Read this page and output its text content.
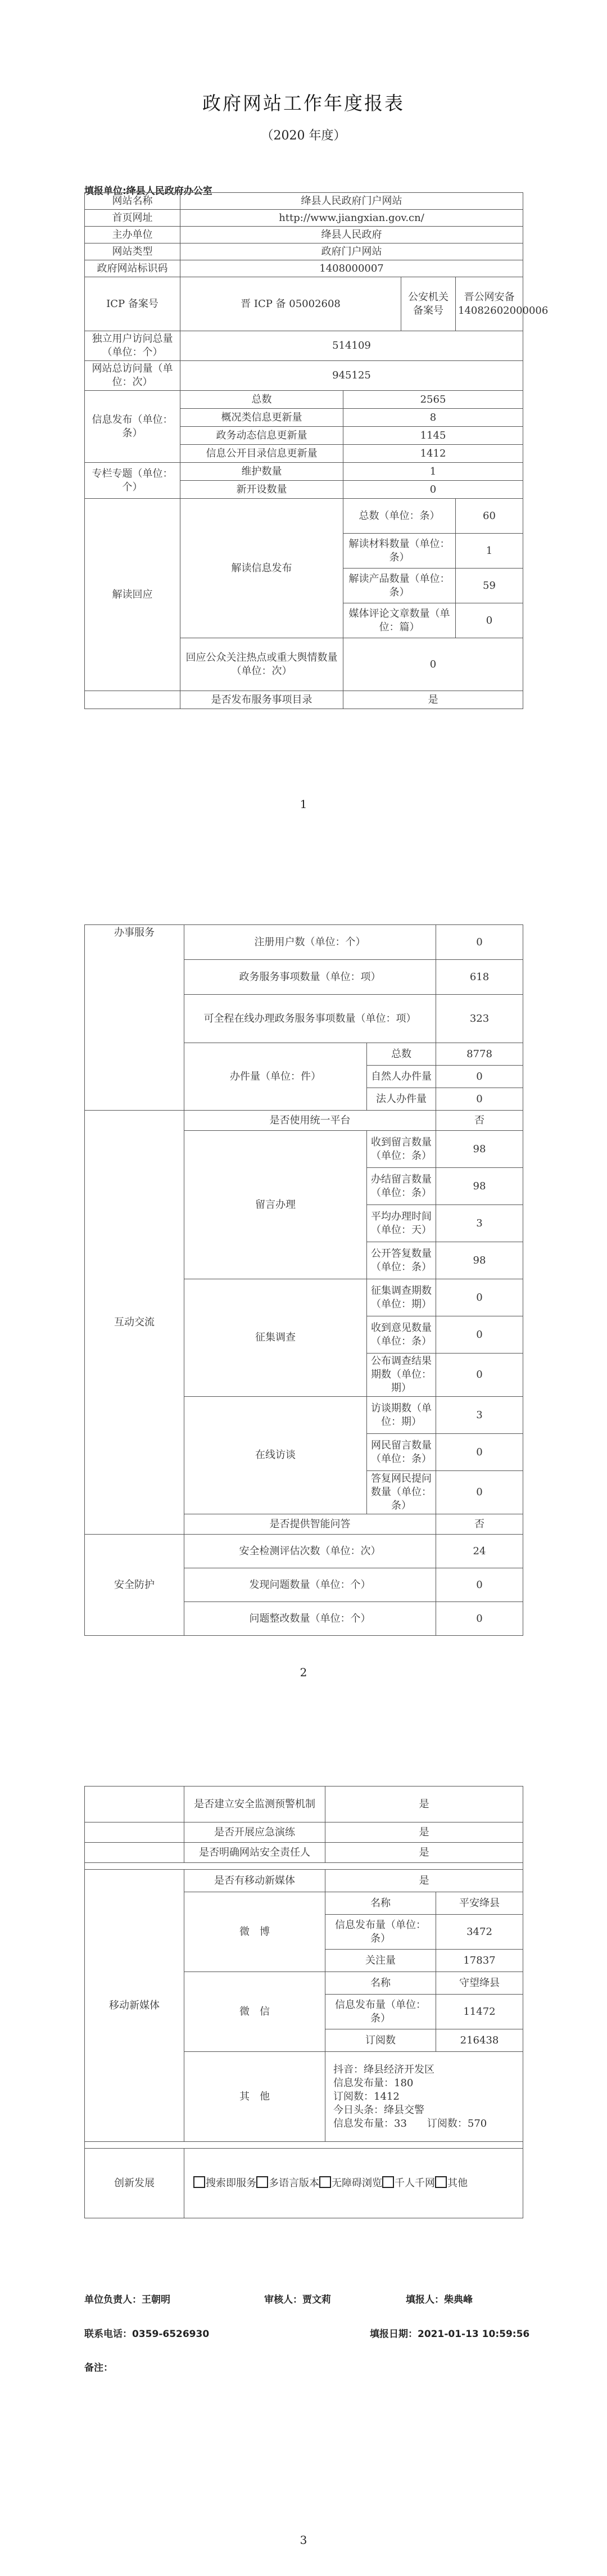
政府网站工作年度报表
（2020 年度）
填报单位:绛县人民政府办公室
网站名称	绛县人民政府门户网站			
首页网址	http://www.jiangxian.gov.cn/			
主办单位	绛县人民政府			
网站类型	政府门户网站			
政府网站标识码	1408000007			
ICP 备案号	晋 ICP 备 05002608		公安机关备案号	晋公网安备 14082602000006
独立用户访问总量（单位：个）	514109			
网站总访问量（单位：次）	945125			
信息发布（单位：条）	总数	2565		
	概况类信息更新量	8		
	政务动态信息更新量	1145		
	信息公开目录信息更新量	1412		
专栏专题（单位：个）	维护数量	1		
	新开设数量	0		
解读回应	解读信息发布	总数（单位：条）		60
		解读材料数量（单位：条）		1
		解读产品数量（单位：条）		59
		媒体评论文章数量（单位：篇）		0
	回应公众关注热点或重大舆情数量（单位：次）	0		
	是否发布服务事项目录	是		
1
办事服务	注册用户数（单位：个）		0
	政务服务事项数量（单位：项）		618
	可全程在线办理政务服务事项数量（单位：项）		323
	办件量（单位：件）	总数	8778
		自然人办件量	0
		法人办件量	0
互动交流	是否使用统一平台		否
	留言办理	收到留言数量（单位：条）	98
		办结留言数量（单位：条）	98
		平均办理时间（单位：天）	3
		公开答复数量（单位：条）	98
	征集调查	征集调查期数（单位：期）	0
		收到意见数量（单位：条）	0
		公布调查结果期数（单位：期）	0
	在线访谈	访谈期数（单位：期）	3
		网民留言数量（单位：条）	0
		答复网民提问数量（单位：条）	0
	是否提供智能问答		否
安全防护	安全检测评估次数（单位：次）		24
	发现问题数量（单位：个）		0
	问题整改数量（单位：个）		0
2
	是否建立安全监测预警机制	是	
	是否开展应急演练	是	
	是否明确网站安全责任人	是	

移动新媒体	是否有移动新媒体	是	
	微　博	名称	平安绛县
		信息发布量（单位：条）	3472
		关注量	17837
	微　信	名称	守望绛县
		信息发布量（单位：条）	11472
		订阅数	216438
	其　他	抖音：绛县经济开发区
信息发布量：180
订阅数：1412
今日头条：绛县交警
信息发布量：33　　订阅数：570	

创新发展	搜索即服务 多语言版本 无障碍浏览 千人千网 其他		
单位负责人：王朝明	审核人：贾文莉	填报人：柴典峰
联系电话：0359-6526930	填报日期：2021-01-13 10:59:56
备注：
3
